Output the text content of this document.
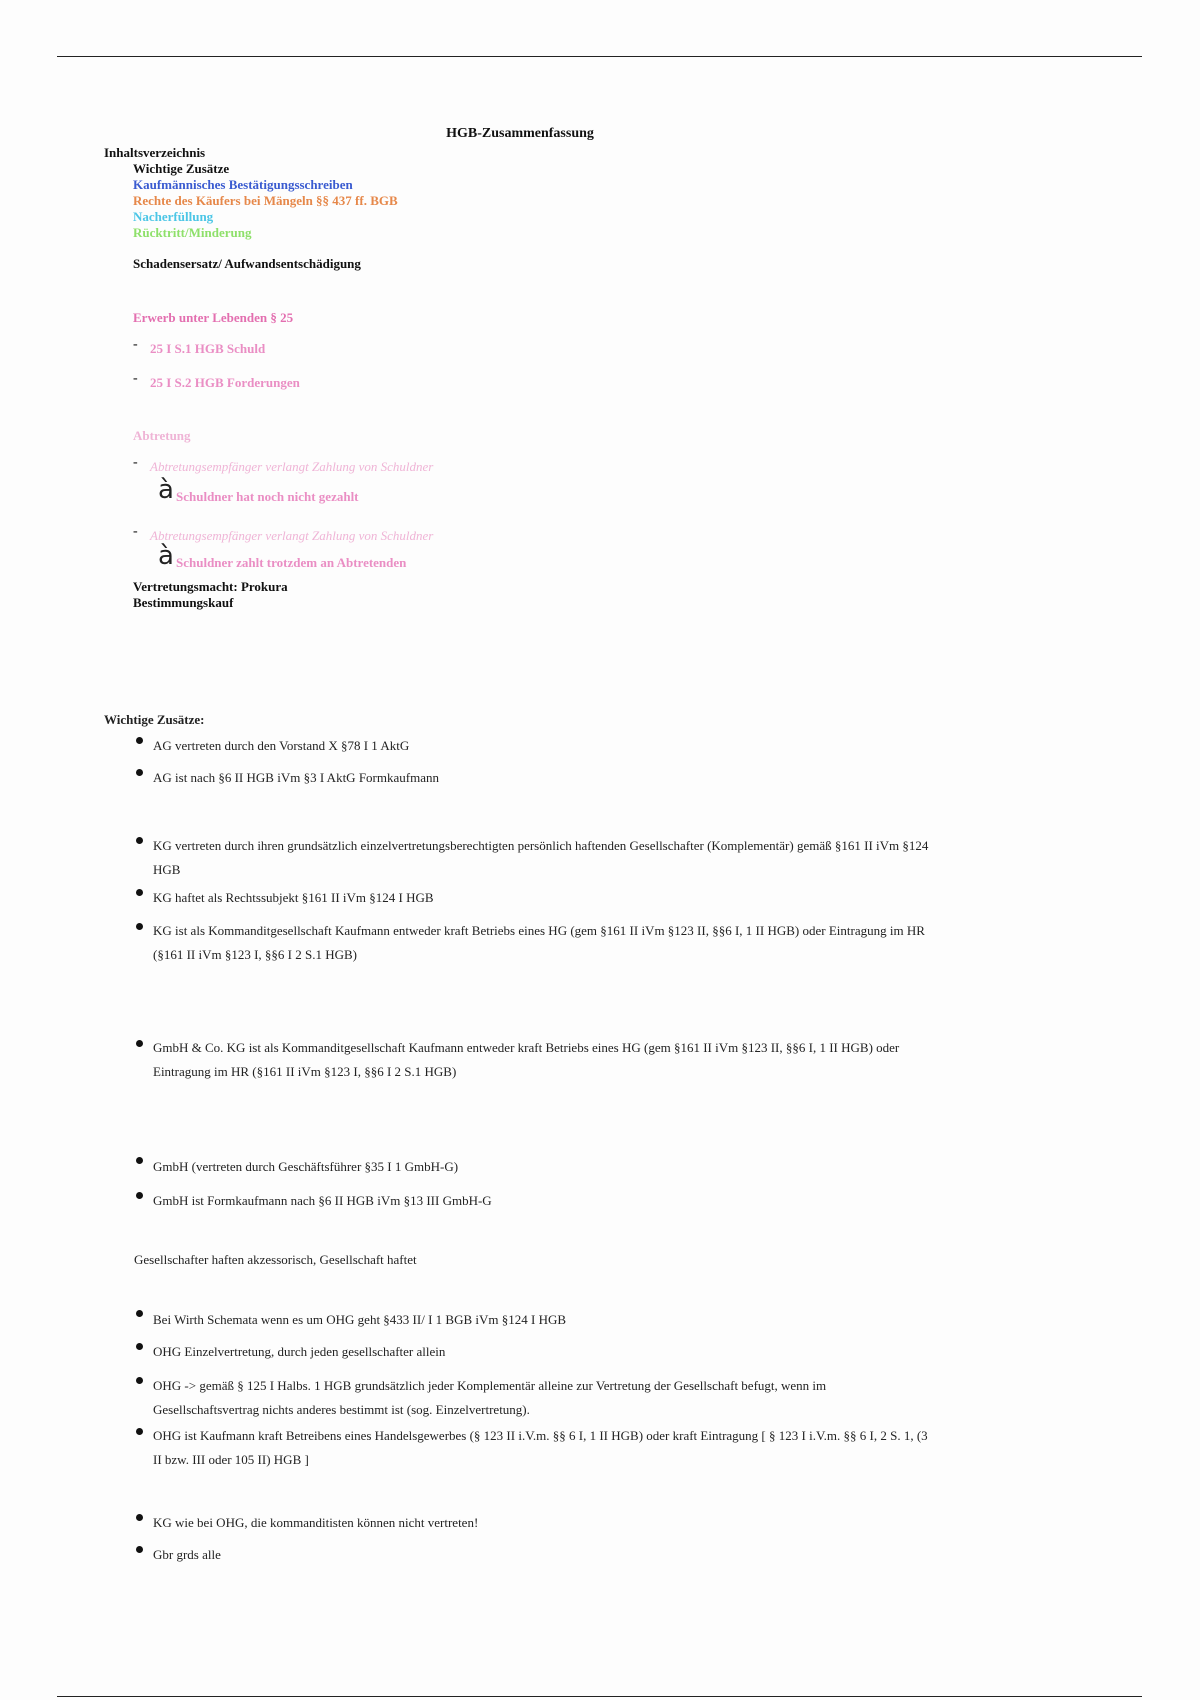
HGB-Zusammenfassung
Inhaltsverzeichnis
Wichtige Zusätze
Kaufmännisches Bestätigungsschreiben
Rechte des Käufers bei Mängeln §§ 437 ff. BGB
Nacherfüllung
Rücktritt/Minderung
Schadensersatz/ Aufwandsentschädigung
Erwerb unter Lebenden § 25
- 25 I S.1 HGB Schuld
- 25 I S.2 HGB Forderungen
Abtretung
- Abtretungsempfänger verlangt Zahlung von Schuldner
à Schuldner hat noch nicht gezahlt
- Abtretungsempfänger verlangt Zahlung von Schuldner
à Schuldner zahlt trotzdem an Abtretenden
Vertretungsmacht: Prokura
Bestimmungskauf
Wichtige Zusätze:
AG vertreten durch den Vorstand X §78 I 1 AktG
AG ist nach §6 II HGB iVm §3 I AktG Formkaufmann
KG vertreten durch ihren grundsätzlich einzelvertretungsberechtigten persönlich haftenden Gesellschafter (Komplementär) gemäß §161 II iVm §124 HGB
KG haftet als Rechtssubjekt §161 II iVm §124 I HGB
KG ist als Kommanditgesellschaft Kaufmann entweder kraft Betriebs eines HG (gem §161 II iVm §123 II, §§6 I, 1 II HGB) oder Eintragung im HR (§161 II iVm §123 I, §§6 I 2 S.1 HGB)
GmbH & Co. KG ist als Kommanditgesellschaft Kaufmann entweder kraft Betriebs eines HG (gem §161 II iVm §123 II, §§6 I, 1 II HGB) oder Eintragung im HR (§161 II iVm §123 I, §§6 I 2 S.1 HGB)
GmbH (vertreten durch Geschäftsführer §35 I 1 GmbH-G)
GmbH ist Formkaufmann nach §6 II HGB iVm §13 III GmbH-G
Gesellschafter haften akzessorisch, Gesellschaft haftet
Bei Wirth Schemata wenn es um OHG geht §433 II/ I 1 BGB iVm §124 I HGB
OHG Einzelvertretung, durch jeden gesellschafter allein
OHG -> gemäß § 125 I Halbs. 1 HGB grundsätzlich jeder Komplementär alleine zur Vertretung der Gesellschaft befugt, wenn im Gesellschaftsvertrag nichts anderes bestimmt ist (sog. Einzelvertretung).
OHG ist Kaufmann kraft Betreibens eines Handelsgewerbes (§ 123 II i.V.m. §§ 6 I, 1 II HGB) oder kraft Eintragung [ § 123 I i.V.m. §§ 6 I, 2 S. 1, (3 II bzw. III oder 105 II) HGB ]
KG wie bei OHG, die kommanditisten können nicht vertreten!
Gbr grds alle
